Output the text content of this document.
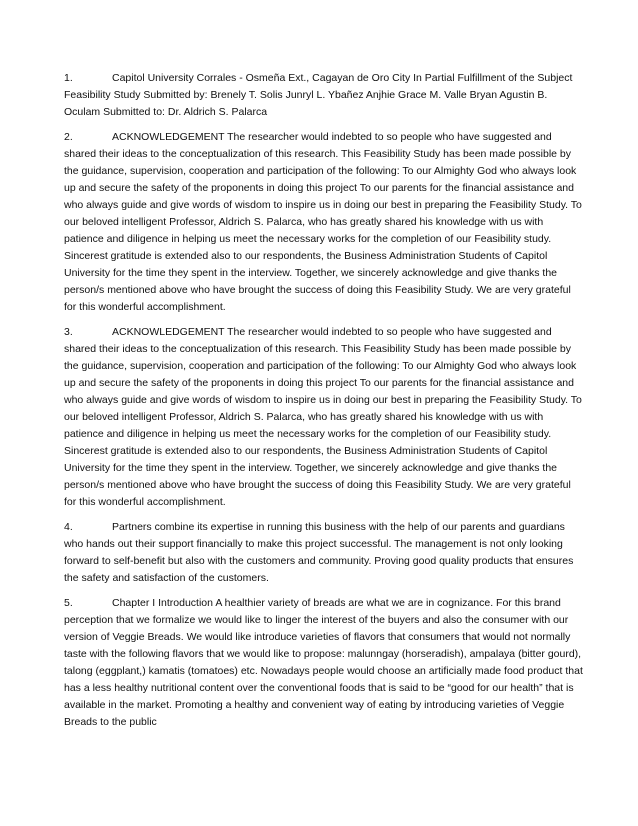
1.	Capitol University Corrales - Osmeña Ext., Cagayan de Oro City In Partial Fulfillment of the Subject Feasibility Study Submitted by: Brenely T. Solis Junryl L. Ybañez Anjhie Grace M. Valle Bryan Agustin B. Oculam Submitted to: Dr. Aldrich S. Palarca
2.	ACKNOWLEDGEMENT The researcher would indebted to so people who have suggested and shared their ideas to the conceptualization of this research. This Feasibility Study has been made possible by the guidance, supervision, cooperation and participation of the following: To our Almighty God who always look up and secure the safety of the proponents in doing this project To our parents for the financial assistance and who always guide and give words of wisdom to inspire us in doing our best in preparing the Feasibility Study. To our beloved intelligent Professor, Aldrich S. Palarca, who has greatly shared his knowledge with us with patience and diligence in helping us meet the necessary works for the completion of our Feasibility study. Sincerest gratitude is extended also to our respondents, the Business Administration Students of Capitol University for the time they spent in the interview. Together, we sincerely acknowledge and give thanks the person/s mentioned above who have brought the success of doing this Feasibility Study. We are very grateful for this wonderful accomplishment.
3.	ACKNOWLEDGEMENT The researcher would indebted to so people who have suggested and shared their ideas to the conceptualization of this research. This Feasibility Study has been made possible by the guidance, supervision, cooperation and participation of the following: To our Almighty God who always look up and secure the safety of the proponents in doing this project To our parents for the financial assistance and who always guide and give words of wisdom to inspire us in doing our best in preparing the Feasibility Study. To our beloved intelligent Professor, Aldrich S. Palarca, who has greatly shared his knowledge with us with patience and diligence in helping us meet the necessary works for the completion of our Feasibility study. Sincerest gratitude is extended also to our respondents, the Business Administration Students of Capitol University for the time they spent in the interview. Together, we sincerely acknowledge and give thanks the person/s mentioned above who have brought the success of doing this Feasibility Study. We are very grateful for this wonderful accomplishment.
4.	Partners combine its expertise in running this business with the help of our parents and guardians who hands out their support financially to make this project successful. The management is not only looking forward to self-benefit but also with the customers and community. Proving good quality products that ensures the safety and satisfaction of the customers.
5.	Chapter I Introduction A healthier variety of breads are what we are in cognizance. For this brand perception that we formalize we would like to linger the interest of the buyers and also the consumer with our version of Veggie Breads. We would like introduce varieties of flavors that consumers that would not normally taste with the following flavors that we would like to propose: malunngay (horseradish), ampalaya (bitter gourd), talong (eggplant,) kamatis (tomatoes) etc. Nowadays people would choose an artificially made food product that has a less healthy nutritional content over the conventional foods that is said to be “good for our health” that is available in the market. Promoting a healthy and convenient way of eating by introducing varieties of Veggie Breads to the public
